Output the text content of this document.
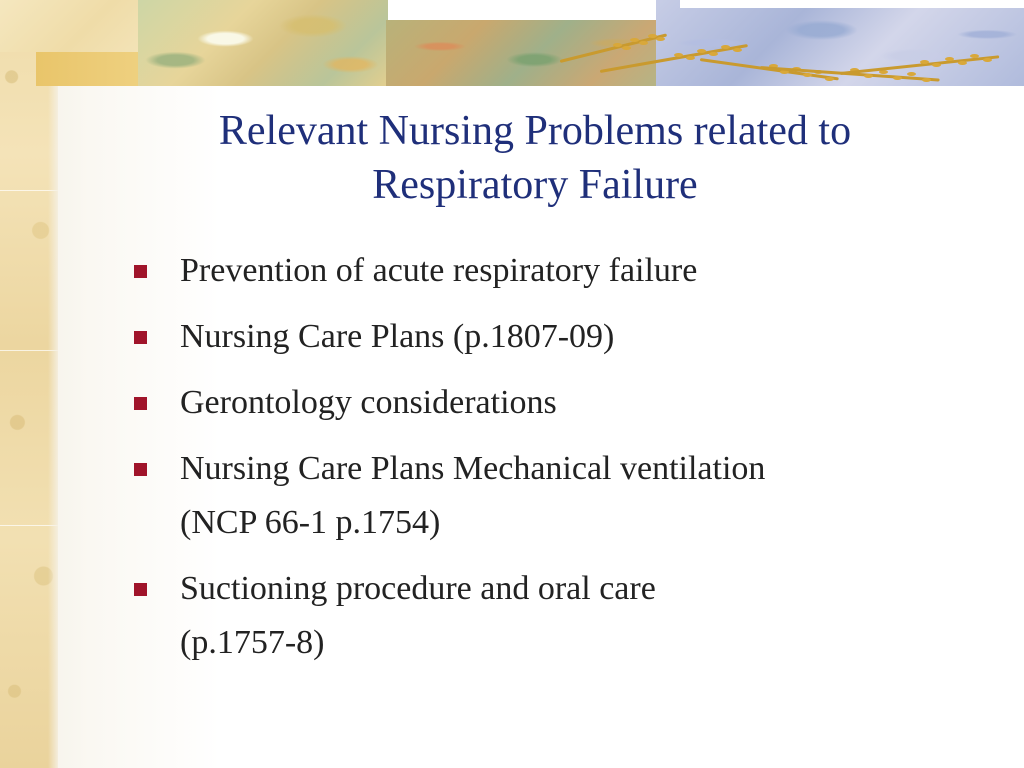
Relevant Nursing Problems related to
Respiratory Failure
Prevention of acute respiratory failure
Nursing Care Plans (p.1807-09)
Gerontology considerations
Nursing Care Plans Mechanical ventilation
(NCP 66-1 p.1754)
Suctioning procedure and oral care
(p.1757-8)
